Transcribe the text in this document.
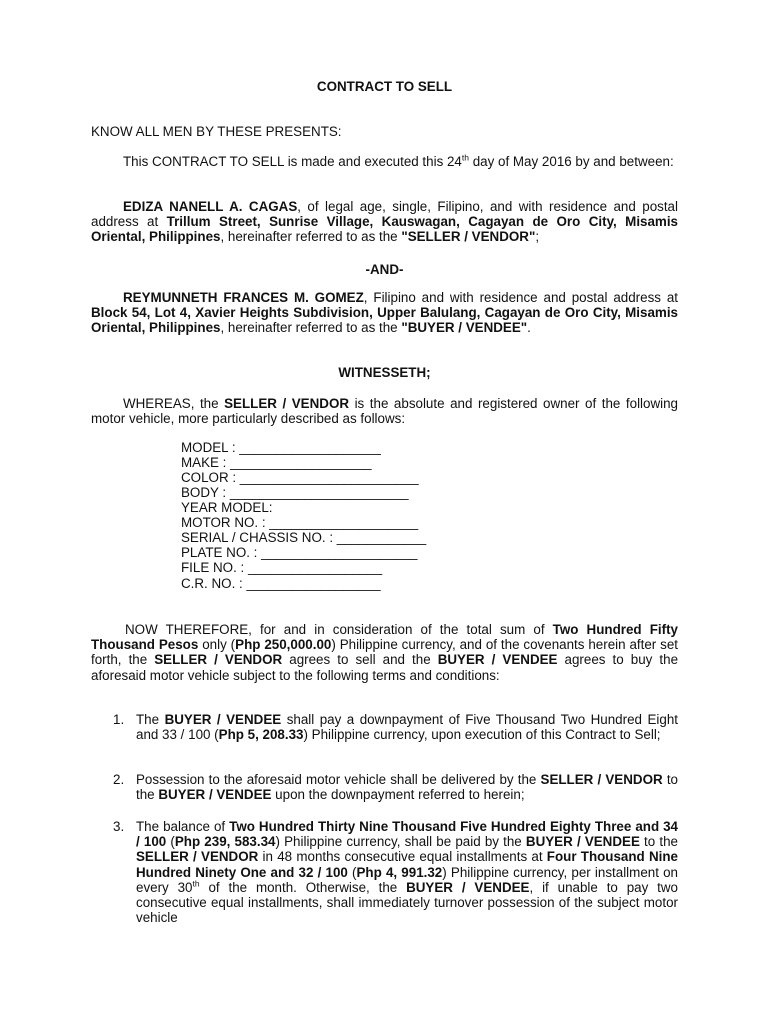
CONTRACT TO SELL
KNOW ALL MEN BY THESE PRESENTS:
This CONTRACT TO SELL is made and executed this 24th day of May 2016 by and between:
EDIZA NANELL A. CAGAS, of legal age, single, Filipino, and with residence and postal address at Trillum Street, Sunrise Village, Kauswagan, Cagayan de Oro City, Misamis Oriental, Philippines, hereinafter referred to as the "SELLER / VENDOR";
-AND-
REYMUNNETH FRANCES M. GOMEZ, Filipino and with residence and postal address at Block 54, Lot 4, Xavier Heights Subdivision, Upper Balulang, Cagayan de Oro City, Misamis Oriental, Philippines, hereinafter referred to as the "BUYER / VENDEE".
WITNESSETH;
WHEREAS, the SELLER / VENDOR is the absolute and registered owner of the following motor vehicle, more particularly described as follows:
MODEL : ___________________
MAKE : ___________________
COLOR : ________________________
BODY : ________________________
YEAR MODEL:
MOTOR NO. : ____________________
SERIAL / CHASSIS NO. : ____________
PLATE NO. : _____________________
FILE NO. : __________________
C.R. NO. : __________________
NOW THEREFORE, for and in consideration of the total sum of Two Hundred Fifty Thousand Pesos only (Php 250,000.00) Philippine currency, and of the covenants herein after set forth, the SELLER / VENDOR agrees to sell and the BUYER / VENDEE agrees to buy the aforesaid motor vehicle subject to the following terms and conditions:
1. The BUYER / VENDEE shall pay a downpayment of Five Thousand Two Hundred Eight and 33 / 100 (Php 5, 208.33) Philippine currency, upon execution of this Contract to Sell;
2. Possession to the aforesaid motor vehicle shall be delivered by the SELLER / VENDOR to the BUYER / VENDEE upon the downpayment referred to herein;
3. The balance of Two Hundred Thirty Nine Thousand Five Hundred Eighty Three and 34 / 100 (Php 239, 583.34) Philippine currency, shall be paid by the BUYER / VENDEE to the SELLER / VENDOR in 48 months consecutive equal installments at Four Thousand Nine Hundred Ninety One and 32 / 100 (Php 4, 991.32) Philippine currency, per installment on every 30th of the month. Otherwise, the BUYER / VENDEE, if unable to pay two consecutive equal installments, shall immediately turnover possession of the subject motor vehicle
